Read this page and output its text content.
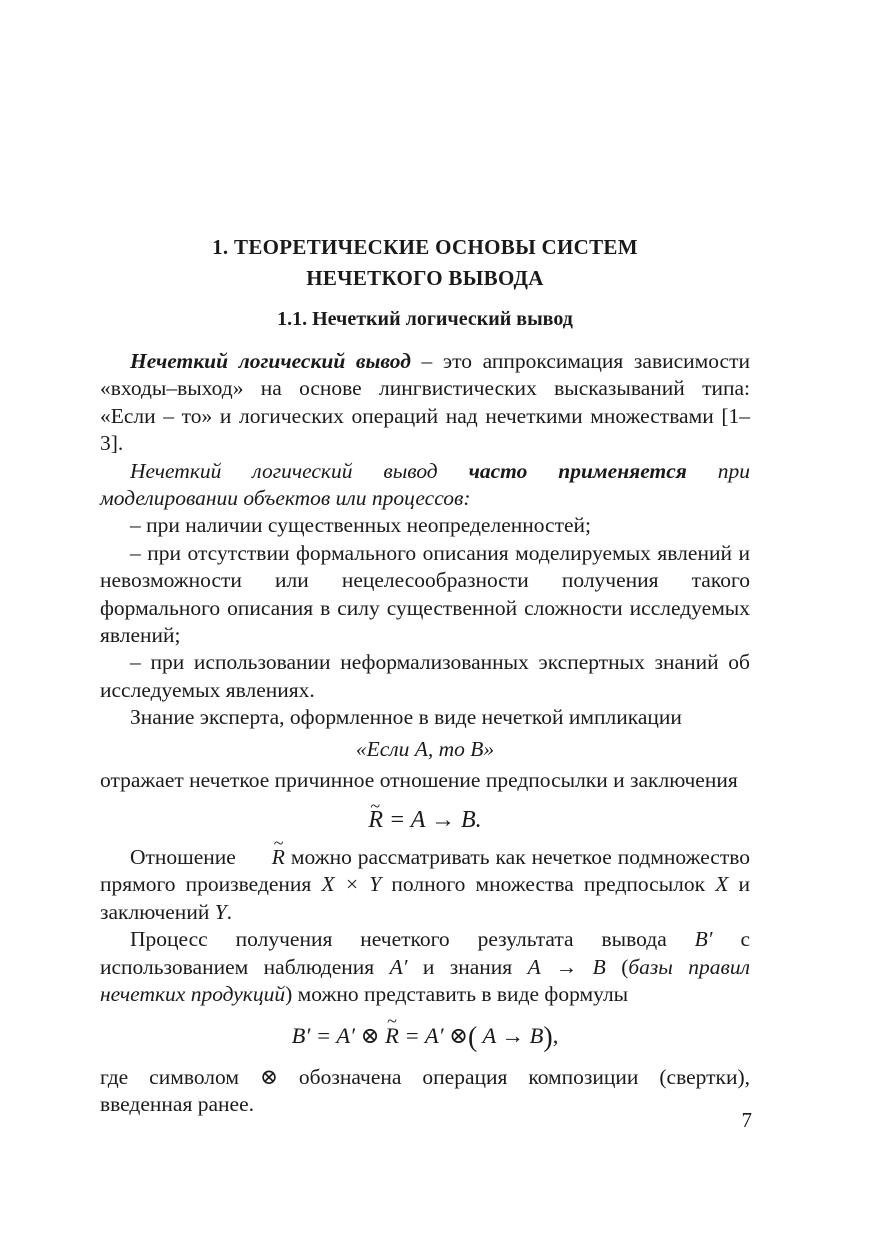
1. ТЕОРЕТИЧЕСКИЕ ОСНОВЫ СИСТЕМ
НЕЧЕТКОГО ВЫВОДА
1.1. Нечеткий логический вывод

Нечеткий логический вывод – это аппроксимация зависимости «входы–выход» на основе лингвистических высказываний типа: «Если – то» и логических операций над нечеткими множествами [1–3].

Нечеткий логический вывод часто применяется при моделировании объектов или процессов:

– при наличии существенных неопределенностей;

– при отсутствии формального описания моделируемых явлений и невозможности или нецелесообразности получения такого формального описания в силу существенной сложности исследуемых явлений;

– при использовании неформализованных экспертных знаний об исследуемых явлениях.

Знание эксперта, оформленное в виде нечеткой импликации

«Если A, то B»

отражает нечеткое причинное отношение предпосылки и заключения

~ R = A → B.

Отношение ~ R можно рассматривать как нечеткое подмножество прямого произведения X × Y полного множества предпосылок X и заключений Y.

Процесс получения нечеткого результата вывода B′ с использованием наблюдения A′ и знания A → B (базы правил нечетких продукций) можно представить в виде формулы

B′ = A′ ⊗ ~ R = A′ ⊗( A → B),

где символом ⊗ обозначена операция композиции (свертки), введенная ранее.

7
